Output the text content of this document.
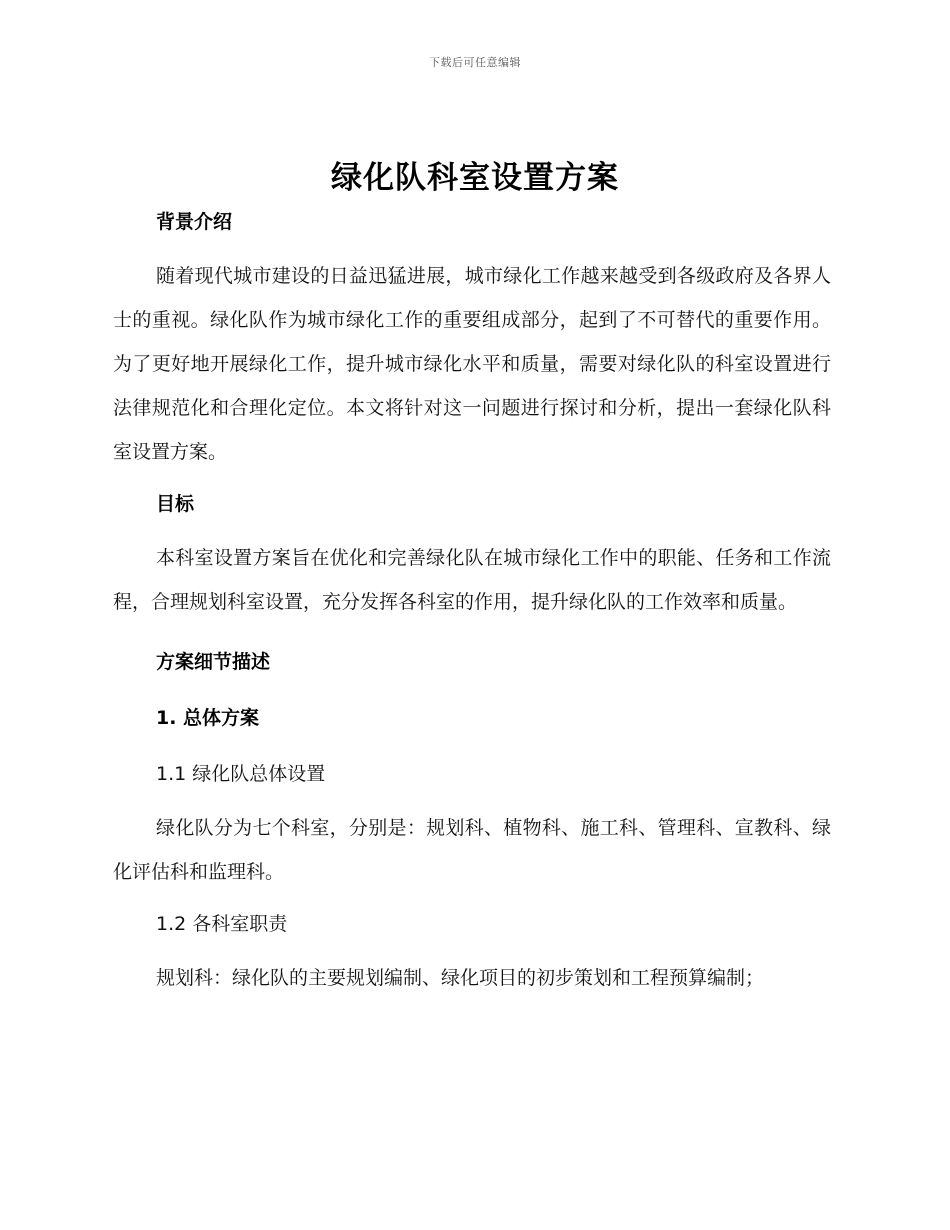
下载后可任意编辑
绿化队科室设置方案
背景介绍
随着现代城市建设的日益迅猛进展，城市绿化工作越来越受到各级政府及各界人士的重视。绿化队作为城市绿化工作的重要组成部分，起到了不可替代的重要作用。为了更好地开展绿化工作，提升城市绿化水平和质量，需要对绿化队的科室设置进行法律规范化和合理化定位。本文将针对这一问题进行探讨和分析，提出一套绿化队科室设置方案。
目标
本科室设置方案旨在优化和完善绿化队在城市绿化工作中的职能、任务和工作流程，合理规划科室设置，充分发挥各科室的作用，提升绿化队的工作效率和质量。
方案细节描述
1. 总体方案
1.1 绿化队总体设置
绿化队分为七个科室，分别是：规划科、植物科、施工科、管理科、宣教科、绿化评估科和监理科。
1.2 各科室职责
规划科：绿化队的主要规划编制、绿化项目的初步策划和工程预算编制；
